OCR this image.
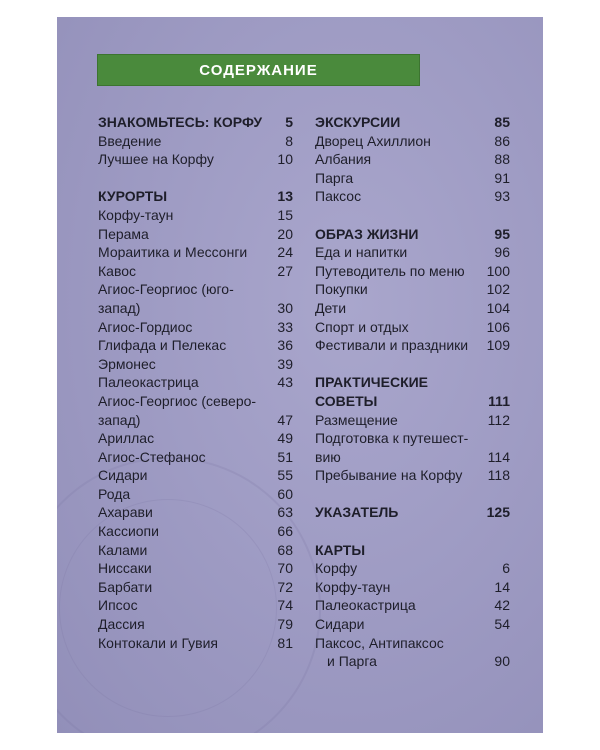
СОДЕРЖАНИЕ
ЗНАКОМЬТЕСЬ: КОРФУ 5
Введение	8
Лучшее на Корфу	10
КУРОРТЫ	13
Корфу-таун	15
Перама	20
Мораитика и Мессонги 24
Кавос	27
Агиос-Георгиос (юго-
запад)	30
Агиос-Гордиос	33
Глифада и Пелекас	36
Эрмонес	39
Палеокастрица	43
Агиос-Георгиос (северо-
запад)	47
Ариллас	49
Агиос-Стефанос	51
Сидари	55
Рода	60
Ахарави	63
Кассиопи	66
Калами	68
Ниссаки	70
Барбати	72
Ипсос	74
Дассия	79
Контокали и Гувия	81
ЭКСКУРСИИ	85
Дворец Ахиллион	86
Албания	88
Парга	91
Паксос	93
ОБРАЗ ЖИЗНИ	95
Еда и напитки	96
Путеводитель по меню 100
Покупки	102
Дети	104
Спорт и отдых	106
Фестивали и праздники 109
ПРАКТИЧЕСКИЕ
СОВЕТЫ	111
Размещение	112
Подготовка к путешест-
вию	114
Пребывание на Корфу 118
УКАЗАТЕЛЬ	125
КАРТЫ
Корфу	6
Корфу-таун	14
Палеокастрица	42
Сидари	54
Паксос, Антипаксос
и Парга	90
